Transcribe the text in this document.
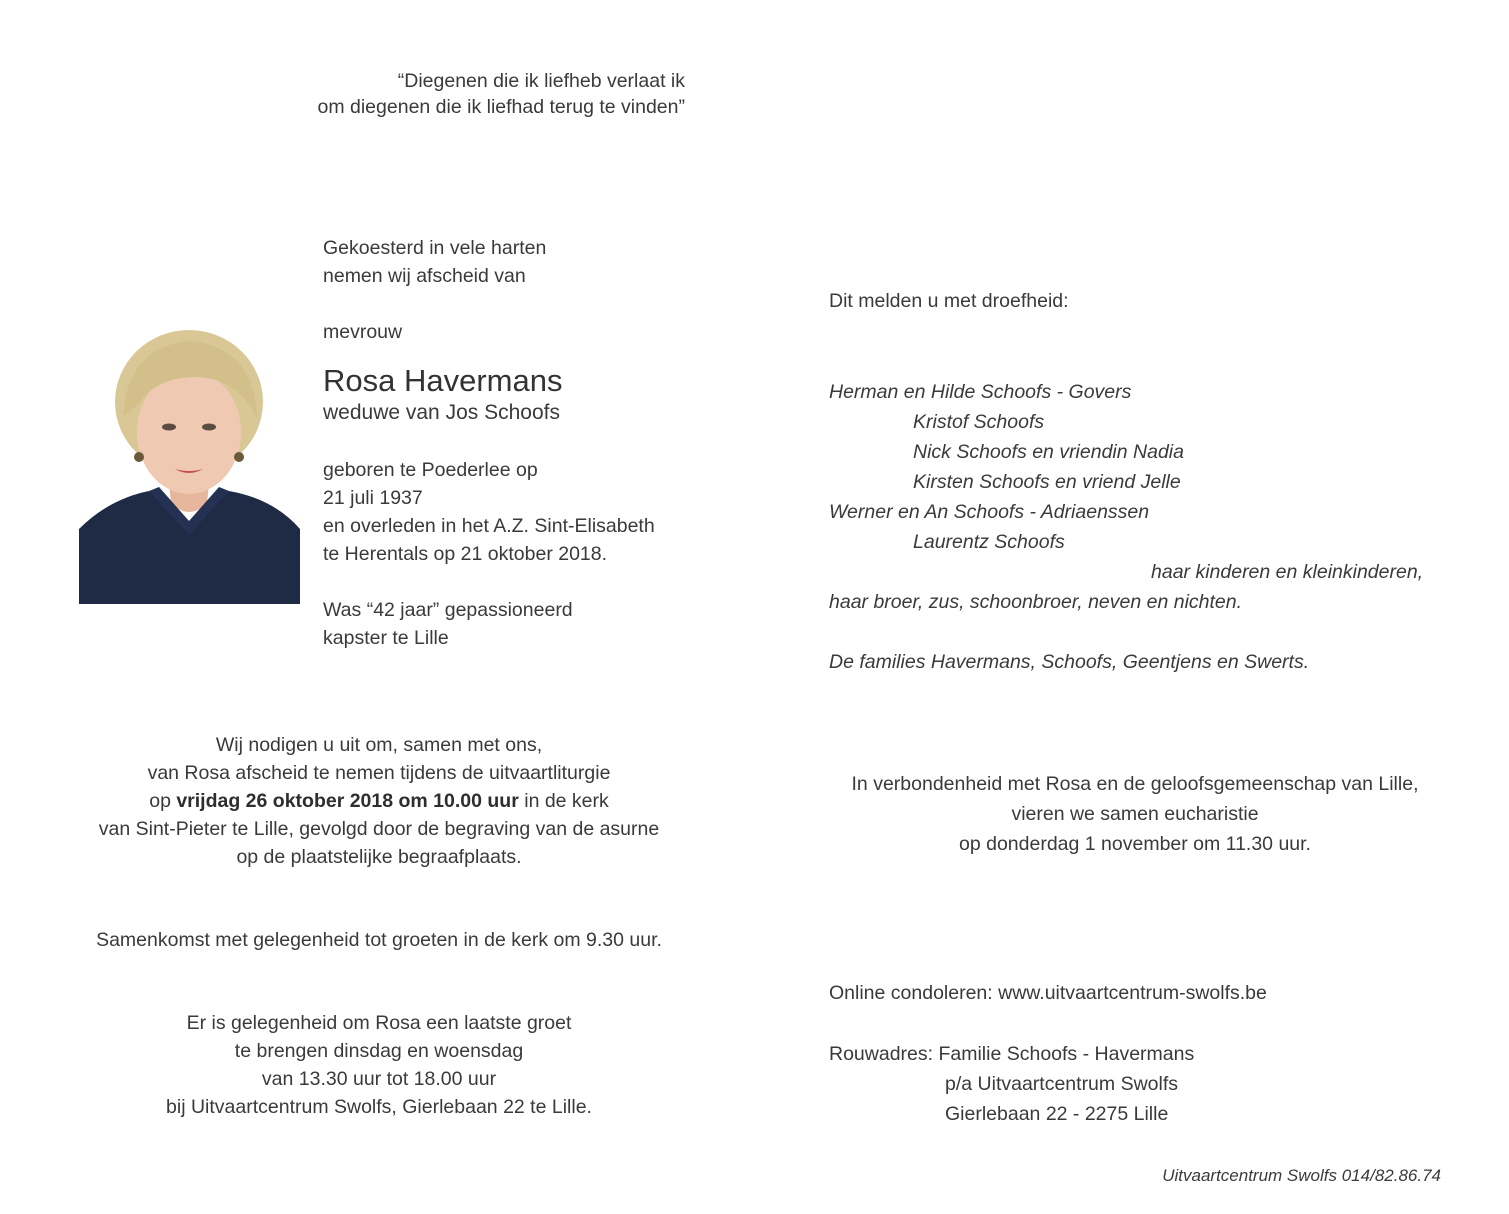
“Diegenen die ik liefheb verlaat ik
om diegenen die ik liefhad terug te vinden”
Gekoesterd in vele harten
nemen wij afscheid van
mevrouw
Rosa Havermans
weduwe van Jos Schoofs
geboren te Poederlee op
21 juli 1937
en overleden in het A.Z. Sint-Elisabeth
te Herentals op 21 oktober 2018.
Was “42 jaar” gepassioneerd
kapster te Lille
Wij nodigen u uit om, samen met ons,
van Rosa afscheid te nemen tijdens de uitvaartliturgie
op vrijdag 26 oktober 2018 om 10.00 uur in de kerk
van Sint-Pieter te Lille, gevolgd door de begraving van de asurne
op de plaatstelijke begraafplaats.
Samenkomst met gelegenheid tot groeten in de kerk om 9.30 uur.
Er is gelegenheid om Rosa een laatste groet
te brengen dinsdag en woensdag
van 13.30 uur tot 18.00 uur
bij Uitvaartcentrum Swolfs, Gierlebaan 22 te Lille.
Dit melden u met droefheid:
Herman en Hilde Schoofs - Govers
Kristof Schoofs
Nick Schoofs en vriendin Nadia
Kirsten Schoofs en vriend Jelle
Werner en An Schoofs - Adriaenssen
Laurentz Schoofs
haar kinderen en kleinkinderen,
haar broer, zus, schoonbroer, neven en nichten.

De families Havermans, Schoofs, Geentjens en Swerts.
In verbondenheid met Rosa en de geloofsgemeenschap van Lille,
vieren we samen eucharistie
op donderdag 1 november om 11.30 uur.
Online condoleren: www.uitvaartcentrum-swolfs.be
Rouwadres: Familie Schoofs - Havermans
p/a Uitvaartcentrum Swolfs
Gierlebaan 22 - 2275 Lille
Uitvaartcentrum Swolfs 014/82.86.74
